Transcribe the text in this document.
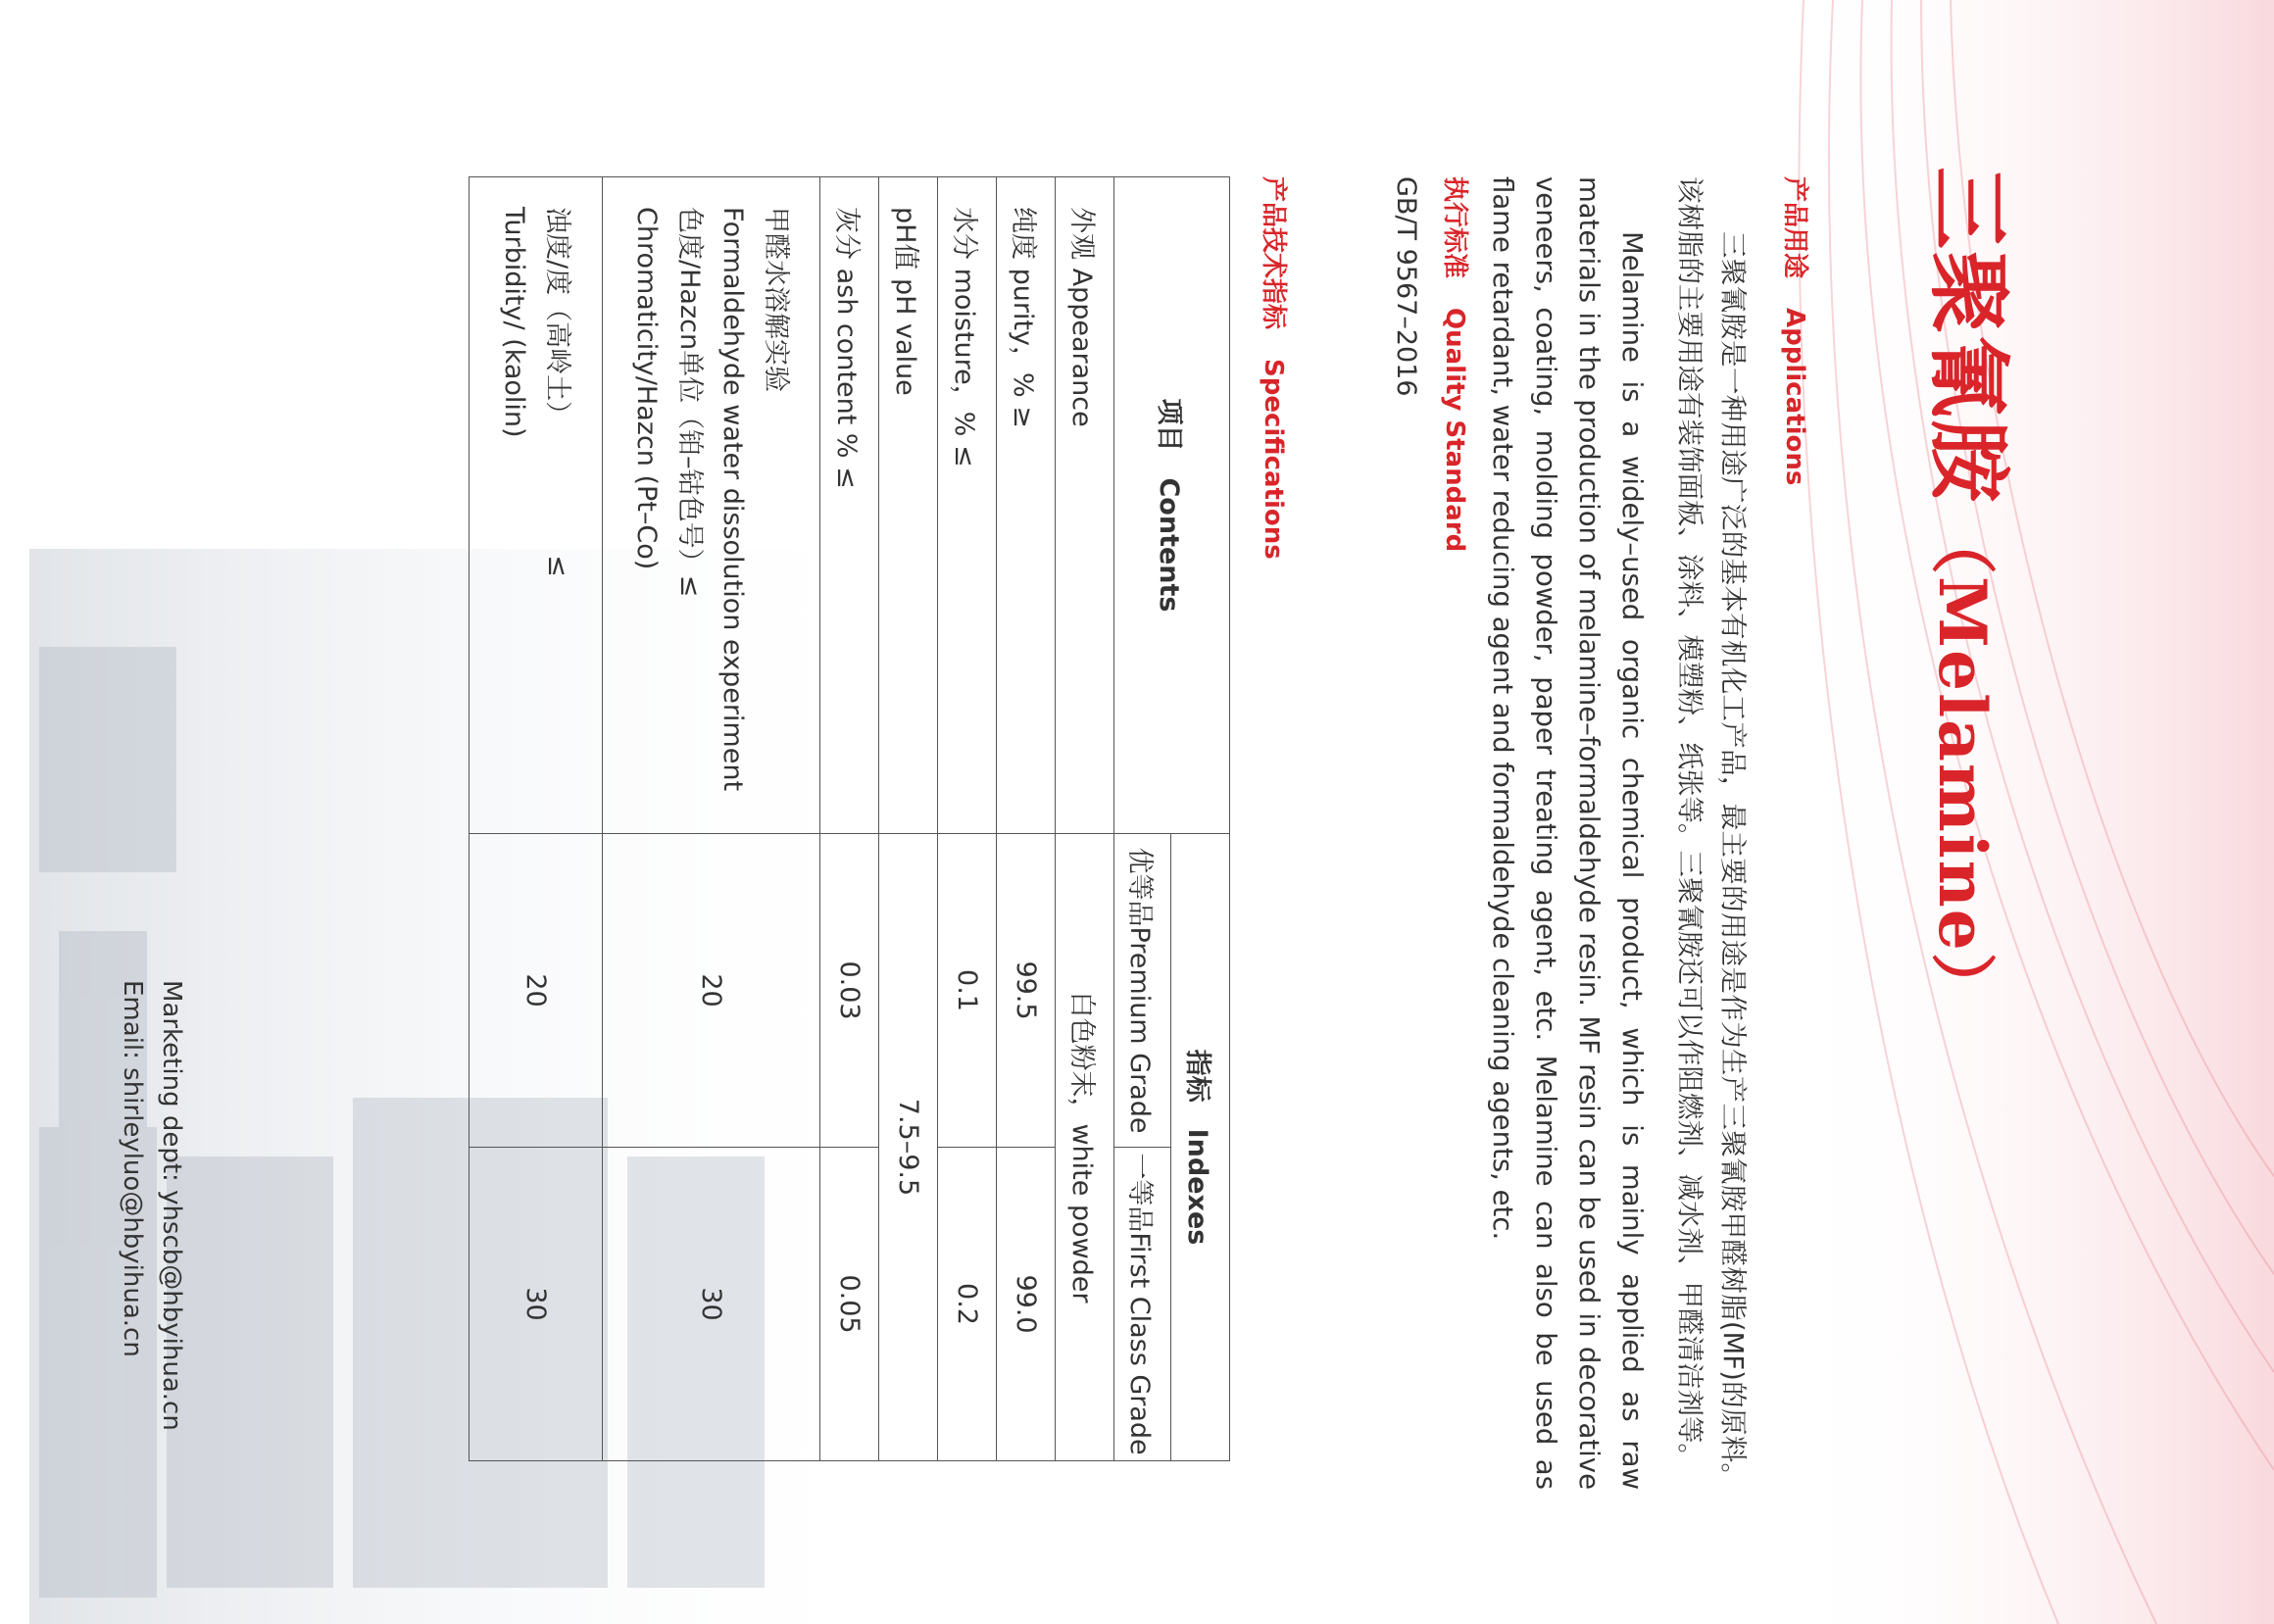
三聚氰胺（Melamine）
产品用途Applications
三聚氰胺是一种用途广泛的基本有机化工产品，最主要的用途是作为生产三聚氰胺甲醛树脂(MF)的原料。该树脂的主要用途有装饰面板、涂料、模塑粉、纸张等。三聚氰胺还可以作阻燃剂、减水剂、甲醛清洁剂等。
Melamine is a widely–used organic chemical product, which is mainly applied as raw materials in the production of melamine–formaldehyde resin. MF resin can be used in decorative veneers, coating, molding powder, paper treating agent, etc. Melamine can also be used as flame retardant, water reducing agent and formaldehyde cleaning agents, etc.
执行标准Quality Standard
GB/T 9567–2016
产品技术指标Specifications
项目　Contents	指标　Indexes	
	优等品Premium Grade	一等品First Class Grade
外观 Appearance	白色粉末，white powder	
纯度 purity，% ≥	99.5	99.0
水分 moisture，% ≤	0.1	0.2
pH值 pH value	7.5–9.5	
灰分 ash content % ≤	0.03	0.05

甲醛水溶解实验
Formaldehyde water dissolution experiment
色度/Hazcn单位（铂–钴色号）≤
Chromaticity/Hazcn (Pt–Co)	20	30

浊度/度（高岭土）≤
Turbidity/ (kaolin)	20	30
Marketing dept: yhscb@hbyihua.cn
Email: shirleyluo@hbyihua.cn
